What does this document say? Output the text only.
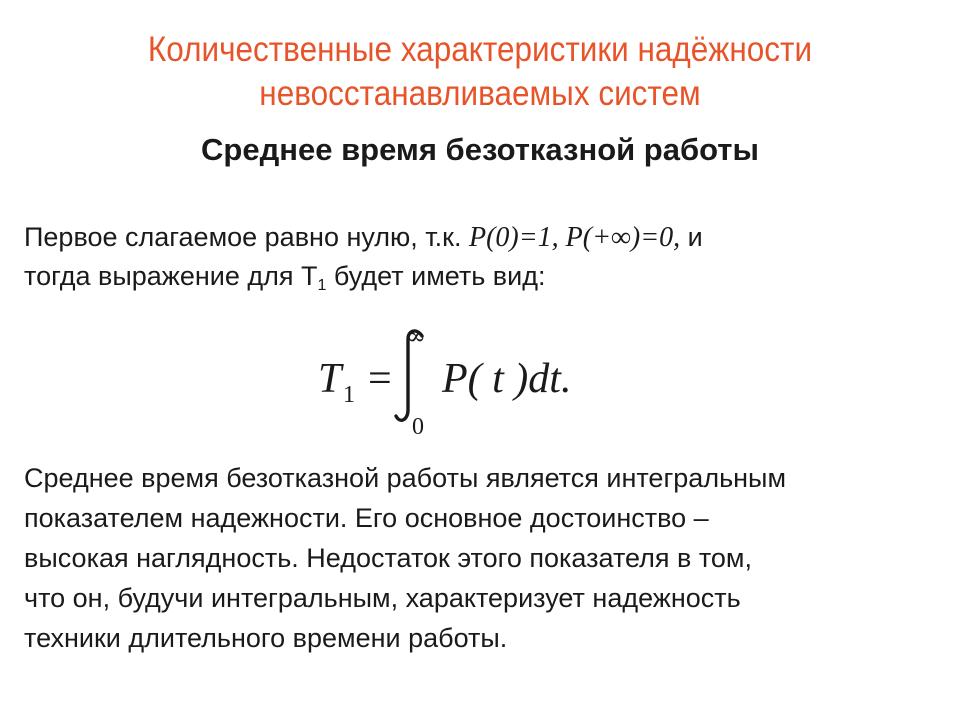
Количественные характеристики надёжности
невосстанавливаемых систем
Среднее время безотказной работы
Первое слагаемое равно нулю, т.к. P(0)=1, P(+∞)=0, и
тогда выражение для $Т_1$ будет иметь вид:
T 1 =
∞
0
P( t )dt.
Среднее время безотказной работы является интегральным
показателем надежности. Его основное достоинство –
высокая наглядность. Недостаток этого показателя в том,
что он, будучи интегральным, характеризует надежность
техники длительного времени работы.
